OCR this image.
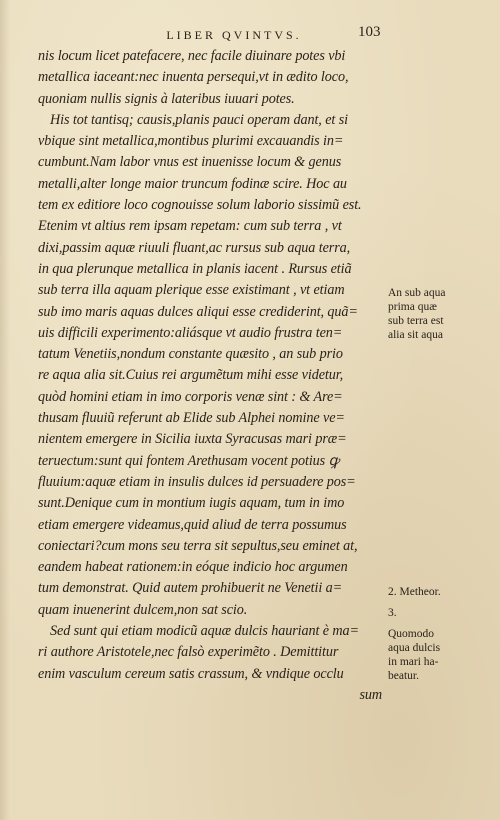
LIBER QVINTVS.	103
nis locum licet patefacere, nec facile diuinare potes vbi
metallica iaceant:nec inuenta persequi,vt in ædito loco,
quoniam nullis signis à lateribus iuuari potes.
His tot tantisq; causis,planis pauci operam dant, et si
vbique sint metallica,montibus plurimi excauandis in=
cumbunt.Nam labor vnus est inuenisse locum & genus
metalli,alter longe maior truncum fodinæ scire. Hoc au
tem ex editiore loco cognouisse solum laborio sissimũ est.
Etenim vt altius rem ipsam repetam: cum sub terra , vt
dixi,passim aquæ riuuli fluant,ac rursus sub aqua terra,
in qua plerunque metallica in planis iacent . Rursus etiã
sub terra illa aquam plerique esse existimant , vt etiam
sub imo maris aquas dulces aliqui esse crediderint, quã=
uis difficili experimento:aliásque vt audio frustra ten=
tatum Venetiis,nondum constante quæsito , an sub prio
re aqua alia sit.Cuius rei argumẽtum mihi esse videtur,
quòd homini etiam in imo corporis venæ sint : & Are=
thusam fluuiũ referunt ab Elide sub Alphei nomine ve=
nientem emergere in Sicilia iuxta Syracusas mari præ=
teruectum:sunt qui fontem Arethusam vocent potius ꝙ
fluuium:aquæ etiam in insulis dulces id persuadere pos=
sunt.Denique cum in montium iugis aquam, tum in imo
etiam emergere videamus,quid aliud de terra possumus
coniectari?cum mons seu terra sit sepultus,seu eminet at,
eandem habeat rationem:in eóque indicio hoc argumen
tum demonstrat. Quid autem prohibuerit ne Venetii a=
quam inuenerint dulcem,non sat scio.
Sed sunt qui etiam modicũ aquæ dulcis hauriant è ma=
ri authore Aristotele,nec falsò experimẽto . Demittitur
enim vasculum cereum satis crassum, & vndique occlu
sum
An sub aqua
prima quæ
sub terra est
alia sit aqua
2. Metheor.
3.
Quomodo
aqua dulcis
in mari ha-
beatur.
